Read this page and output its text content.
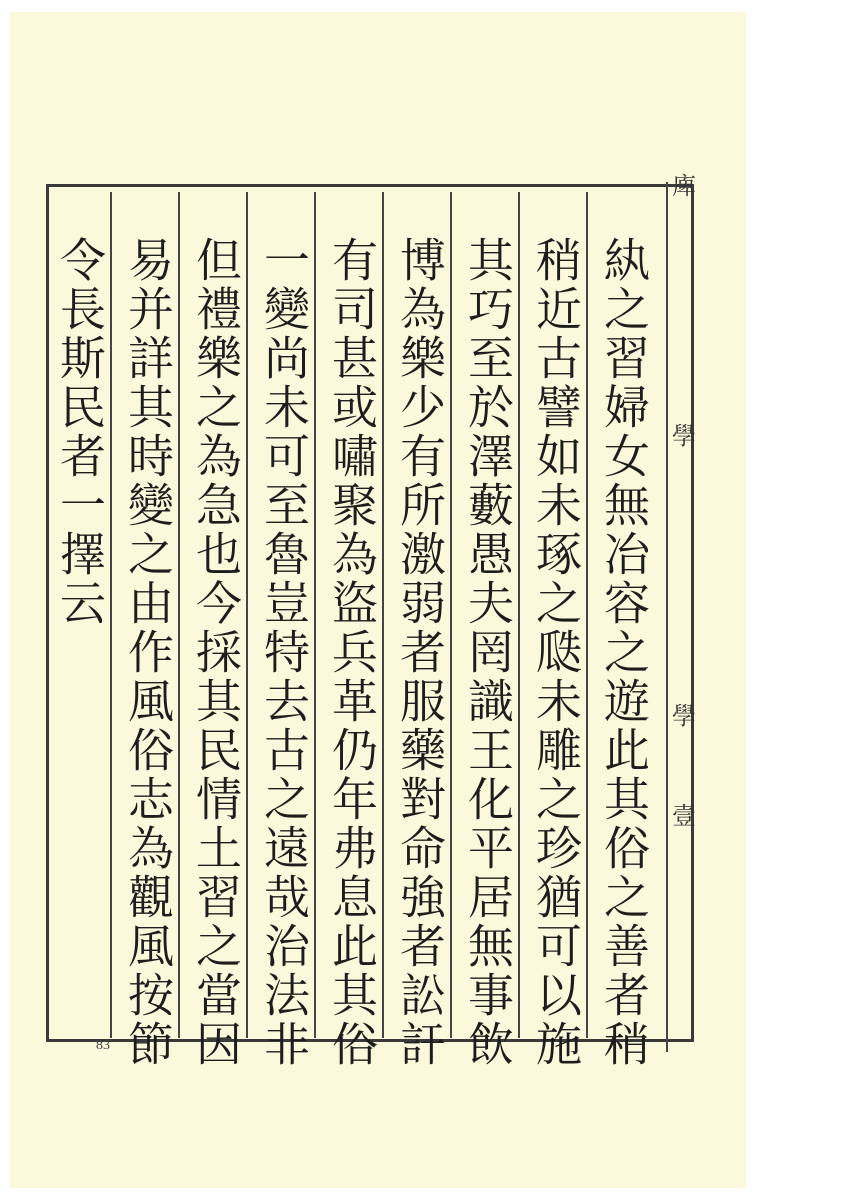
庳
學
學
壹
紈之習婦女無冶容之遊此其俗之善者稍
稍近古譬如未琢之瓞未雕之珍猶可以施
其巧至於澤藪愚夫罔識王化平居無事飲
博為樂少有所激弱者服藥對命強者訟訐
有司甚或嘯聚為盜兵革仍年弗息此其俗
一變尚未可至魯豈特去古之遠哉治法非
但禮樂之為急也今採其民情土習之當因
易并詳其時變之由作風俗志為觀風按節
令長斯民者一擇云
83
